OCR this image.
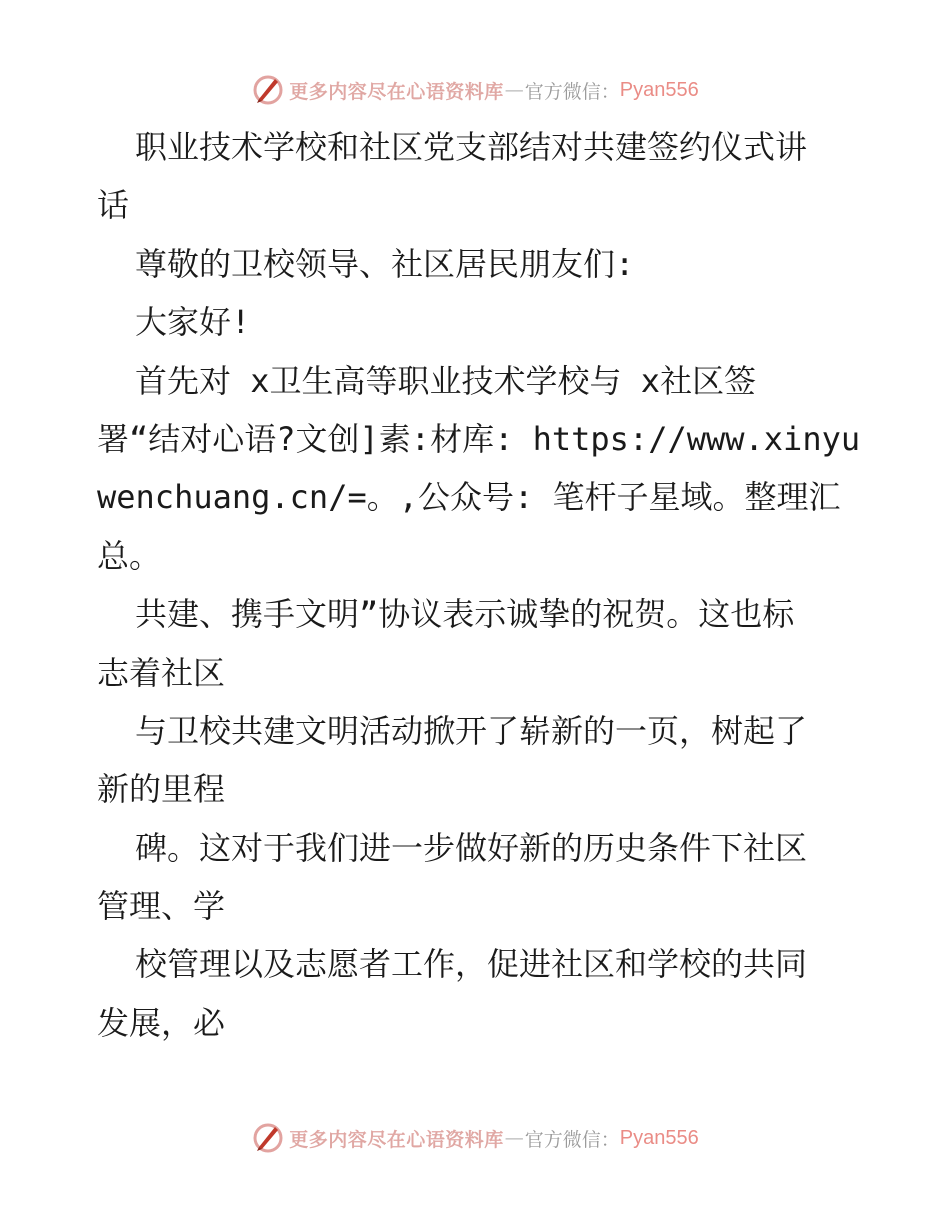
更多内容尽在心语资料库 — 官方微信： Pyan556
职业技术学校和社区党支部结对共建签约仪式讲
话
尊敬的卫校领导、社区居民朋友们:
大家好!
首先对 x卫生高等职业技术学校与 x社区签
署“结对心语?文创]素:材库: https://www.xinyu
wenchuang.cn/=。,公众号: 笔杆子星域。整理汇
总。
共建、携手文明”协议表示诚挚的祝贺。这也标
志着社区
与卫校共建文明活动掀开了崭新的一页，树起了
新的里程
碑。这对于我们进一步做好新的历史条件下社区
管理、学
校管理以及志愿者工作，促进社区和学校的共同
发展，必
更多内容尽在心语资料库 — 官方微信： Pyan556
